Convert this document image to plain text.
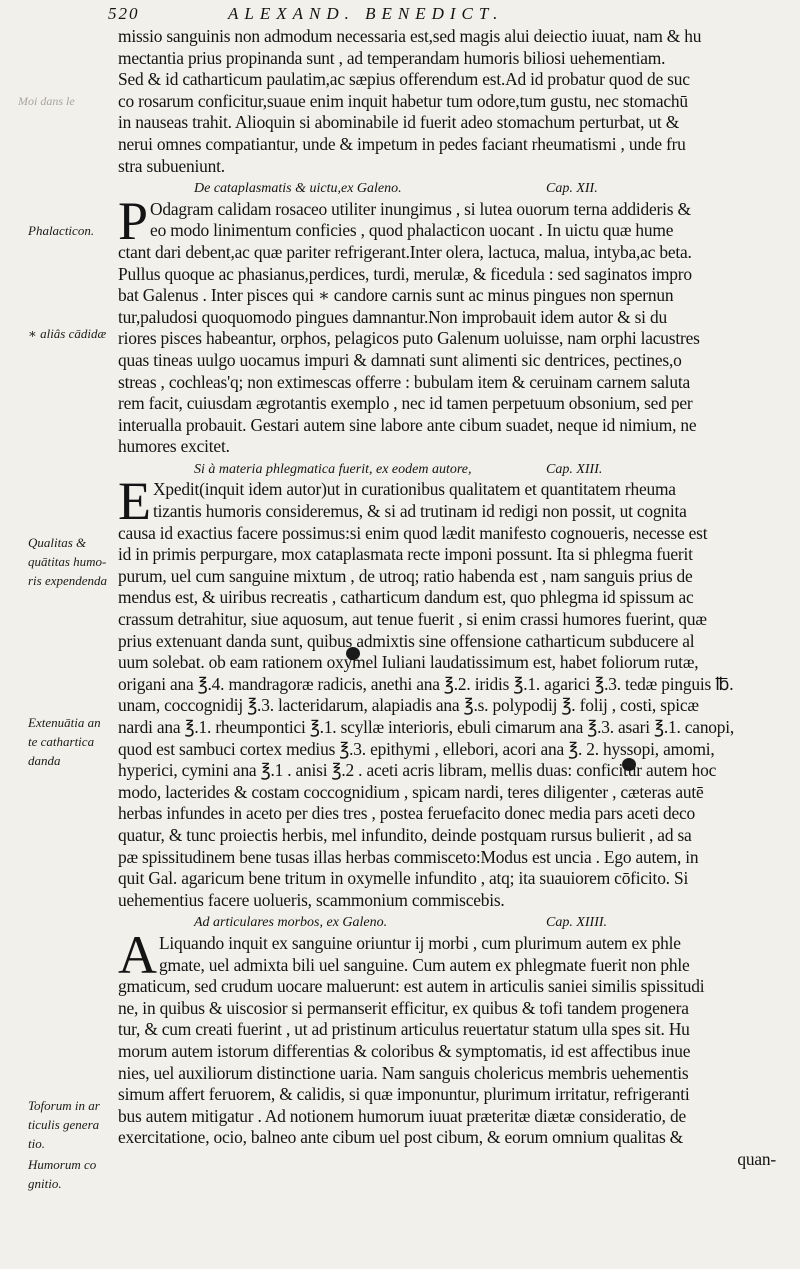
520	ALEXAND. BENEDICT.
Moi dans le
Phalacticon.
∗ aliâs cādidæ
Qualitas &
quātitas humo-
ris expendenda
Extenuātia an
te cathartica
danda
Toforum in ar
ticulis genera
tio.
Humorum co
gnitio.
missio sanguinis non admodum necessaria est,sed magis alui deiectio iuuat, nam & hu
mectantia prius propinanda sunt , ad temperandam humoris biliosi uehementiam.
Sed & id catharticum paulatim,ac sæpius offerendum est.Ad id probatur quod de suc
co rosarum conficitur,suaue enim inquit habetur tum odore,tum gustu, nec stomachū
in nauseas trahit. Alioquin si abominabile id fuerit adeo stomachum perturbat, ut &
nerui omnes compatiantur, unde & impetum in pedes faciant rheumatismi , unde fru
stra subueniunt.
De cataplasmatis & uictu,ex Galeno.	Cap. XII.
P Odagram calidam rosaceo utiliter inungimus , si lutea ouorum terna addideris &
eo modo linimentum conficies , quod phalacticon uocant . In uictu quæ hume
ctant dari debent,ac quæ pariter refrigerant.Inter olera, lactuca, malua, intyba,ac beta.
Pullus quoque ac phasianus,perdices, turdi, merulæ, & ficedula : sed saginatos impro
bat Galenus . Inter pisces qui ∗ candore carnis sunt ac minus pingues non spernun
tur,paludosi quoquomodo pingues damnantur.Non improbauit idem autor & si du
riores pisces habeantur, orphos, pelagicos puto Galenum uoluisse, nam orphi lacustres
quas tineas uulgo uocamus impuri & damnati sunt alimenti sic dentrices, pectines,o
streas , cochleas'q; non extimescas offerre : bubulam item & ceruinam carnem saluta
rem facit, cuiusdam ægrotantis exemplo , nec id tamen perpetuum obsonium, sed per
interualla probauit. Gestari autem sine labore ante cibum suadet, neque id nimium, ne
humores excitet.
Si à materia phlegmatica fuerit, ex eodem autore,	Cap. XIII.
E Xpedit(inquit idem autor)ut in curationibus qualitatem et quantitatem rheuma
tizantis humoris consideremus, & si ad trutinam id redigi non possit, ut cognita
causa id exactius facere possimus:si enim quod lædit manifesto cognoueris, necesse est
id in primis perpurgare, mox cataplasmata recte imponi possunt. Ita si phlegma fuerit
purum, uel cum sanguine mixtum , de utroq; ratio habenda est , nam sanguis prius de
mendus est, & uiribus recreatis , catharticum dandum est, quo phlegma id spissum ac
crassum detrahitur, siue aquosum, aut tenue fuerit , si enim crassi humores fuerint, quæ
prius extenuant danda sunt, quibus admixtis sine offensione catharticum subducere al
uum solebat. ob eam rationem oxymel Iuliani laudatissimum est, habet foliorum rutæ,
origani ana ℥.4. mandragoræ radicis, anethi ana ℥.2. iridis ℥.1. agarici ℥.3. tedæ pinguis ℔.
unam, coccognidij ℥.3. lacteridarum, alapiadis ana ℥.s. polypodij ℥. folij , costi, spicæ
nardi ana ℥.1. rheumpontici ℥.1. scyllæ interioris, ebuli cimarum ana ℥.3. asari ℥.1. canopi,
quod est sambuci cortex medius ℥.3. epithymi , ellebori, acori ana ℥. 2. hyssopi, amomi,
hyperici, cymini ana ℥.1 . anisi ℥.2 . aceti acris libram, mellis duas: conficitur autem hoc
modo, lacterides & costam coccognidium , spicam nardi, teres diligenter , cæteras autē
herbas infundes in aceto per dies tres , postea feruefacito donec media pars aceti deco
quatur, & tunc proiectis herbis, mel infundito, deinde postquam rursus bulierit , ad sa
pæ spissitudinem bene tusas illas herbas commisceto:Modus est uncia . Ego autem, in
quit Gal. agaricum bene tritum in oxymelle infundito , atq; ita suauiorem cōficito. Si
uehementius facere uolueris, scammonium commiscebis.
Ad articulares morbos, ex Galeno.	Cap. XIIII.
A Liquando inquit ex sanguine oriuntur ij morbi , cum plurimum autem ex phle
gmate, uel admixta bili uel sanguine. Cum autem ex phlegmate fuerit non phle
gmaticum, sed crudum uocare maluerunt: est autem in articulis saniei similis spissitudi
ne, in quibus & uiscosior si permanserit efficitur, ex quibus & tofi tandem progenera
tur, & cum creati fuerint , ut ad pristinum articulus reuertatur statum ulla spes sit. Hu
morum autem istorum differentias & coloribus & symptomatis, id est affectibus inue
nies, uel auxiliorum distinctione uaria. Nam sanguis cholericus membris uehementis
simum affert feruorem, & calidis, si quæ imponuntur, plurimum irritatur, refrigeranti
bus autem mitigatur . Ad notionem humorum iuuat præteritæ diætæ consideratio, de
exercitatione, ocio, balneo ante cibum uel post cibum, & eorum omnium qualitas &
quan-
